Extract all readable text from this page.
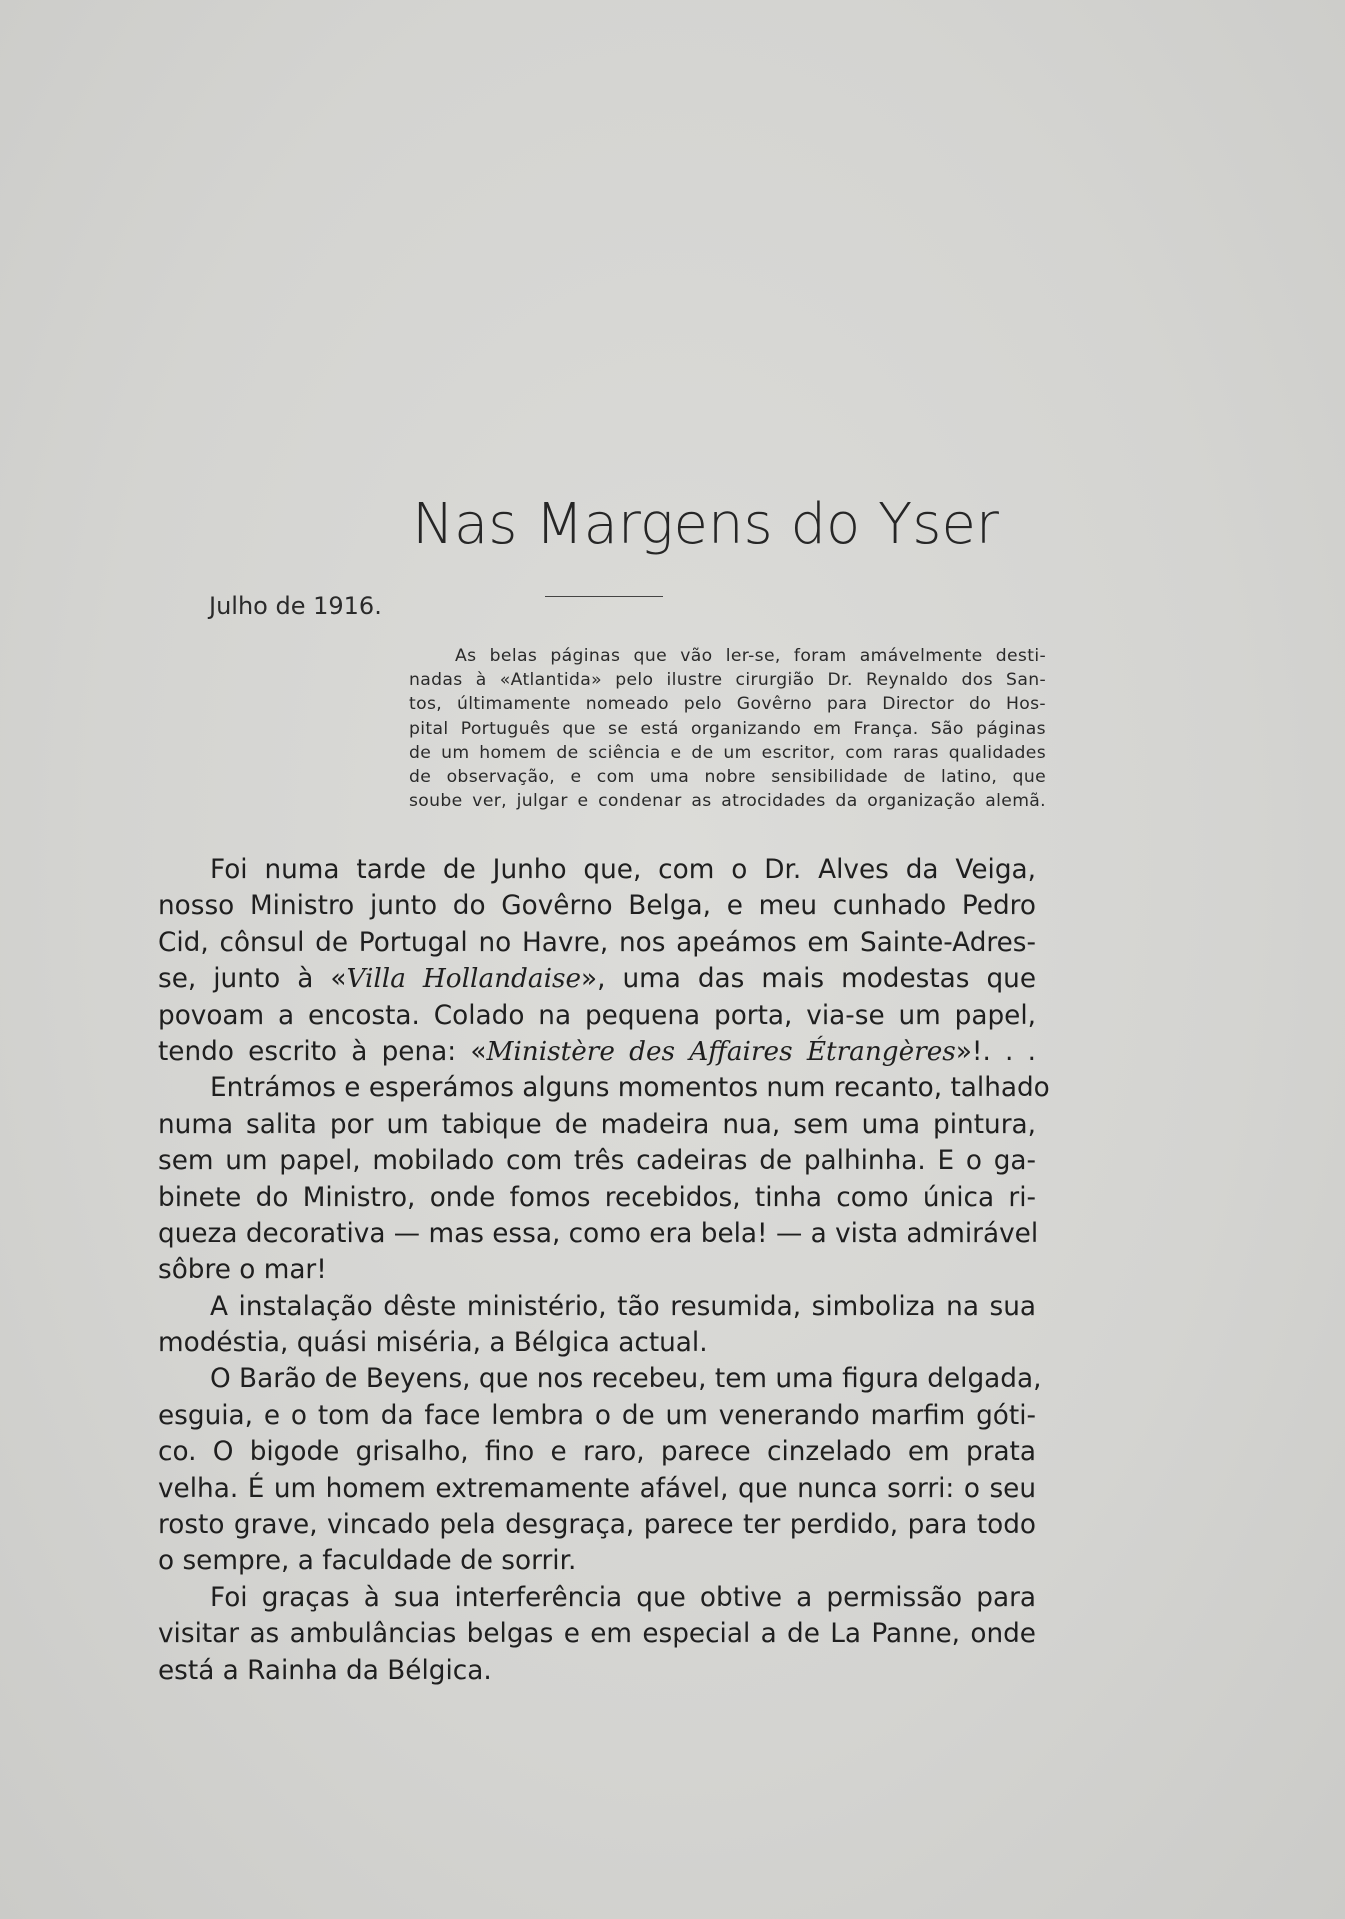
Nas Margens do Yser
Julho de 1916.
As belas páginas que vão ler-se, foram amávelmente desti-
nadas à «Atlantida» pelo ilustre cirurgião Dr. Reynaldo dos San-
tos, últimamente nomeado pelo Govêrno para Director do Hos-
pital Português que se está organizando em França. São páginas
de um homem de sciência e de um escritor, com raras qualidades
de observação, e com uma nobre sensibilidade de latino, que
soube ver, julgar e condenar as atrocidades da organização alemã.
Foi numa tarde de Junho que, com o Dr. Alves da Veiga,
nosso Ministro junto do Govêrno Belga, e meu cunhado Pedro
Cid, cônsul de Portugal no Havre, nos apeámos em Sainte-Adres-
se, junto à «Villa Hollandaise», uma das mais modestas que
povoam a encosta. Colado na pequena porta, via-se um papel,
tendo escrito à pena: «Ministère des Affaires Étrangères»!. . .
Entrámos e esperámos alguns momentos num recanto, talhado
numa salita por um tabique de madeira nua, sem uma pintura,
sem um papel, mobilado com três cadeiras de palhinha. E o ga-
binete do Ministro, onde fomos recebidos, tinha como única ri-
queza decorativa — mas essa, como era bela! — a vista admirável
sôbre o mar!
A instalação dêste ministério, tão resumida, simboliza na sua
modéstia, quási miséria, a Bélgica actual.
O Barão de Beyens, que nos recebeu, tem uma figura delgada,
esguia, e o tom da face lembra o de um venerando marfim góti-
co. O bigode grisalho, fino e raro, parece cinzelado em prata
velha. É um homem extremamente afável, que nunca sorri: o seu
rosto grave, vincado pela desgraça, parece ter perdido, para todo
o sempre, a faculdade de sorrir.
Foi graças à sua interferência que obtive a permissão para
visitar as ambulâncias belgas e em especial a de La Panne, onde
está a Rainha da Bélgica.
